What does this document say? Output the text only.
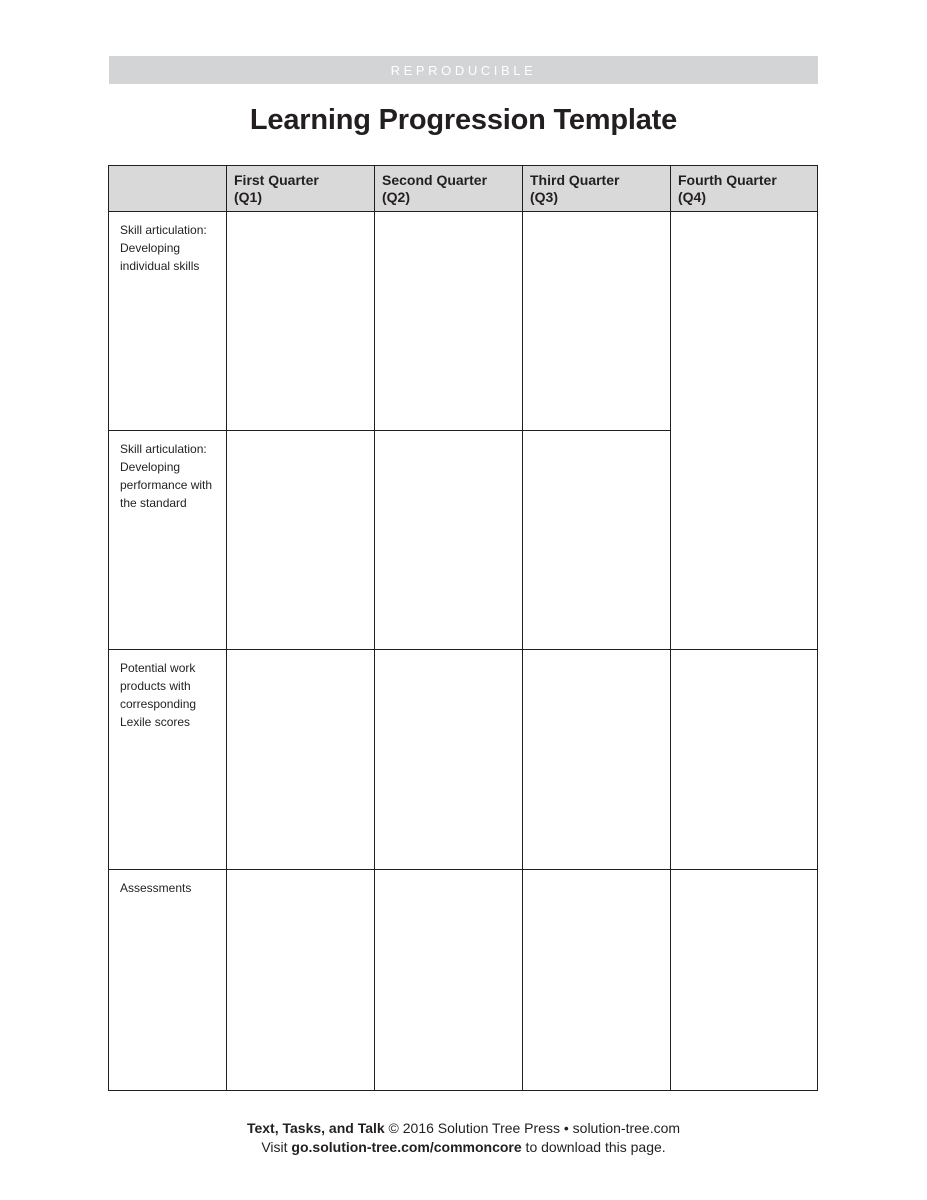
REPRODUCIBLE
Learning Progression Template
First Quarter
(Q1)
Second Quarter
(Q2)
Third Quarter
(Q3)
Fourth Quarter
(Q4)
Skill articulation:
Developing
individual skills
Skill articulation:
Developing
performance with
the standard
Potential work
products with
corresponding
Lexile scores
Assessments
Text, Tasks, and Talk © 2016 Solution Tree Press • solution-tree.com
Visit go.solution-tree.com/commoncore to download this page.
